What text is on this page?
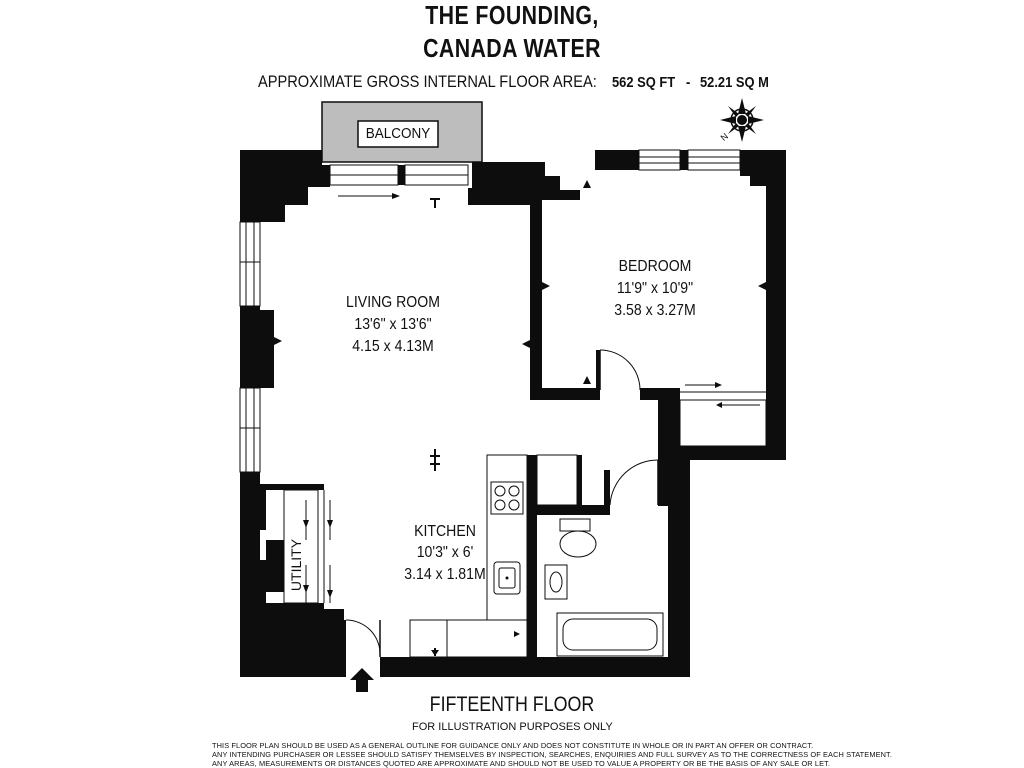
THE FOUNDING,
CANADA WATER
APPROXIMATE GROSS INTERNAL FLOOR AREA: 562 SQ FT - 52.21 SQ M
N
BALCONY
LIVING ROOM
13'6" x 13'6"
4.15 x 4.13M
BEDROOM
11'9" x 10'9"
3.58 x 3.27M
KITCHEN
10'3" x 6'
3.14 x 1.81M
UTILITY
FIFTEENTH FLOOR
FOR ILLUSTRATION PURPOSES ONLY
THIS FLOOR PLAN SHOULD BE USED AS A GENERAL OUTLINE FOR GUIDANCE ONLY AND DOES NOT CONSTITUTE IN WHOLE OR IN PART AN OFFER OR CONTRACT.
ANY INTENDING PURCHASER OR LESSEE SHOULD SATISFY THEMSELVES BY INSPECTION, SEARCHES, ENQUIRIES AND FULL SURVEY AS TO THE CORRECTNESS OF EACH STATEMENT.
ANY AREAS, MEASUREMENTS OR DISTANCES QUOTED ARE APPROXIMATE AND SHOULD NOT BE USED TO VALUE A PROPERTY OR BE THE BASIS OF ANY SALE OR LET.
